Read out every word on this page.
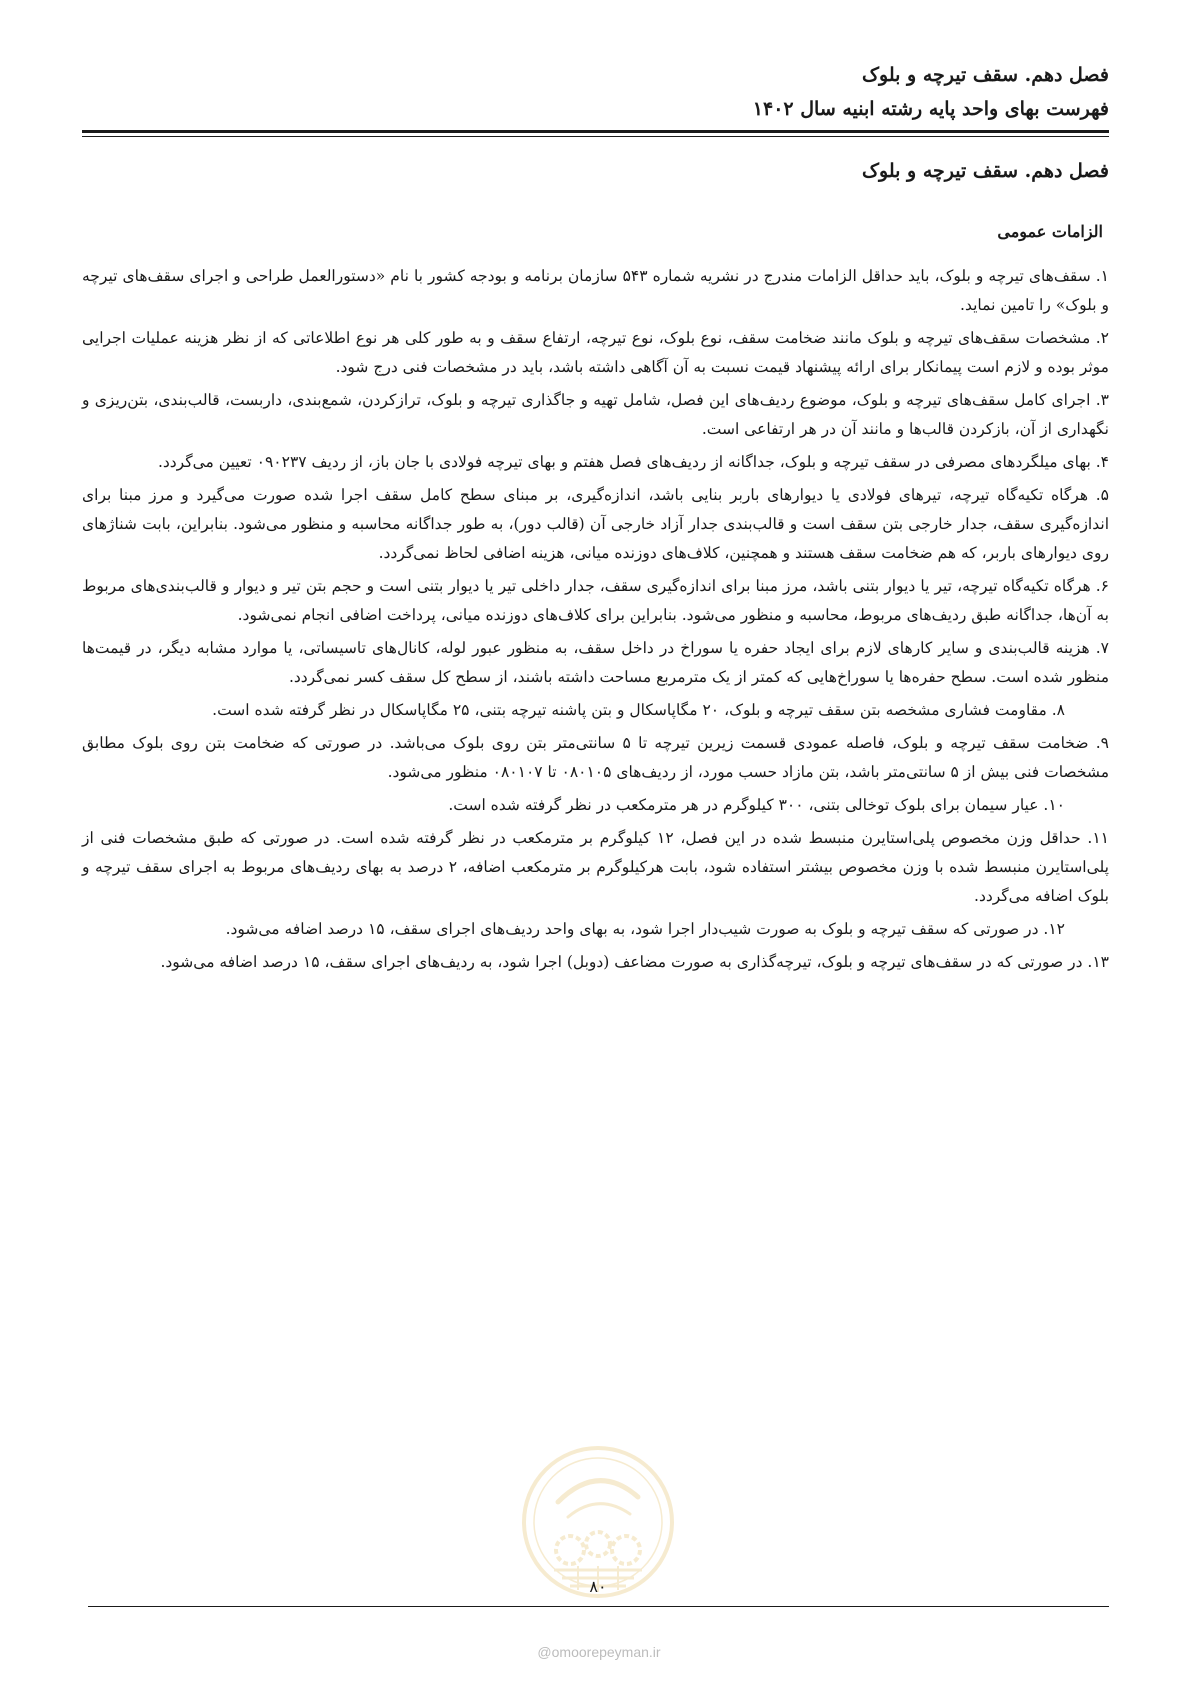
فصل دهم. سقف تیرچه و بلوک

فهرست بهای واحد پایه رشته ابنیه سال ۱۴۰۲

فصل دهم. سقف تیرچه و بلوک
الزامات عمومی

۱. سقف‌های تیرچه و بلوک، باید حداقل الزامات مندرج در نشریه شماره ۵۴۳ سازمان برنامه و بودجه کشور با نام «دستورالعمل طراحی و اجرای سقف‌های تیرچه و بلوک» را تامین نماید.

۲. مشخصات سقف‌های تیرچه و بلوک مانند ضخامت سقف، نوع بلوک، نوع تیرچه، ارتفاع سقف و به طور کلی هر نوع اطلاعاتی که از نظر هزینه عملیات اجرایی موثر بوده و لازم است پیمانکار برای ارائه پیشنهاد قیمت نسبت به آن آگاهی داشته باشد، باید در مشخصات فنی درج شود.

۳. اجرای کامل سقف‌های تیرچه و بلوک، موضوع ردیف‌های این فصل، شامل تهیه و جاگذاری تیرچه و بلوک، ترازکردن، شمع‌بندی، داربست، قالب‌بندی، بتن‌ریزی و نگهداری از آن، بازکردن قالب‌ها و مانند آن در هر ارتفاعی است.

۴. بهای میلگردهای مصرفی در سقف تیرچه و بلوک، جداگانه از ردیف‌های فصل هفتم و بهای تیرچه فولادی با جان باز، از ردیف ۰۹۰۲۳۷ تعیین می‌گردد.

۵. هرگاه تکیه‌گاه تیرچه، تیرهای فولادی یا دیوارهای باربر بنایی باشد، اندازه‌گیری، بر مبنای سطح کامل سقف اجرا شده صورت می‌گیرد و مرز مبنا برای اندازه‌گیری سقف، جدار خارجی بتن سقف است و قالب‌بندی جدار آزاد خارجی آن (قالب دور)، به طور جداگانه محاسبه و منظور می‌شود. بنابراین، بابت شناژهای روی دیوارهای باربر، که هم ضخامت سقف هستند و همچنین، کلاف‌های دوزنده میانی، هزینه اضافی لحاظ نمی‌گردد.

۶. هرگاه تکیه‌گاه تیرچه، تیر یا دیوار بتنی باشد، مرز مبنا برای اندازه‌گیری سقف، جدار داخلی تیر یا دیوار بتنی است و حجم بتن تیر و دیوار و قالب‌بندی‌های مربوط به آن‌ها، جداگانه طبق ردیف‌های مربوط، محاسبه و منظور می‌شود. بنابراین برای کلاف‌های دوزنده میانی، پرداخت اضافی انجام نمی‌شود.

۷. هزینه قالب‌بندی و سایر کارهای لازم برای ایجاد حفره یا سوراخ در داخل سقف، به منظور عبور لوله، کانال‌های تاسیساتی، یا موارد مشابه دیگر، در قیمت‌ها منظور شده است. سطح حفره‌ها یا سوراخ‌هایی که کمتر از یک مترمربع مساحت داشته باشند، از سطح کل سقف کسر نمی‌گردد.

۸. مقاومت فشاری مشخصه بتن سقف تیرچه و بلوک، ۲۰ مگاپاسکال و بتن پاشنه تیرچه بتنی، ۲۵ مگاپاسکال در نظر گرفته شده است.

۹. ضخامت سقف تیرچه و بلوک، فاصله عمودی قسمت زیرین تیرچه تا ۵ سانتی‌متر بتن روی بلوک می‌باشد. در صورتی که ضخامت بتن روی بلوک مطابق مشخصات فنی بیش از ۵ سانتی‌متر باشد، بتن مازاد حسب مورد، از ردیف‌های ۰۸۰۱۰۵ تا ۰۸۰۱۰۷ منظور می‌شود.

۱۰. عیار سیمان برای بلوک توخالی بتنی، ۳۰۰ کیلوگرم در هر مترمکعب در نظر گرفته شده است.

۱۱. حداقل وزن مخصوص پلی‌استایرن منبسط شده در این فصل، ۱۲ کیلوگرم بر مترمکعب در نظر گرفته شده است. در صورتی که طبق مشخصات فنی از پلی‌استایرن منبسط شده با وزن مخصوص بیشتر استفاده شود، بابت هرکیلوگرم بر مترمکعب اضافه، ۲ درصد به بهای ردیف‌های مربوط به اجرای سقف تیرچه و بلوک اضافه می‌گردد.

۱۲. در صورتی که سقف تیرچه و بلوک به صورت شیب‌دار اجرا شود، به بهای واحد ردیف‌های اجرای سقف، ۱۵ درصد اضافه می‌شود.

۱۳. در صورتی که در سقف‌های تیرچه و بلوک، تیرچه‌گذاری به صورت مضاعف (دوبل) اجرا شود، به ردیف‌های اجرای سقف، ۱۵ درصد اضافه می‌شود.

۸۰

@omoorepeyman.ir
